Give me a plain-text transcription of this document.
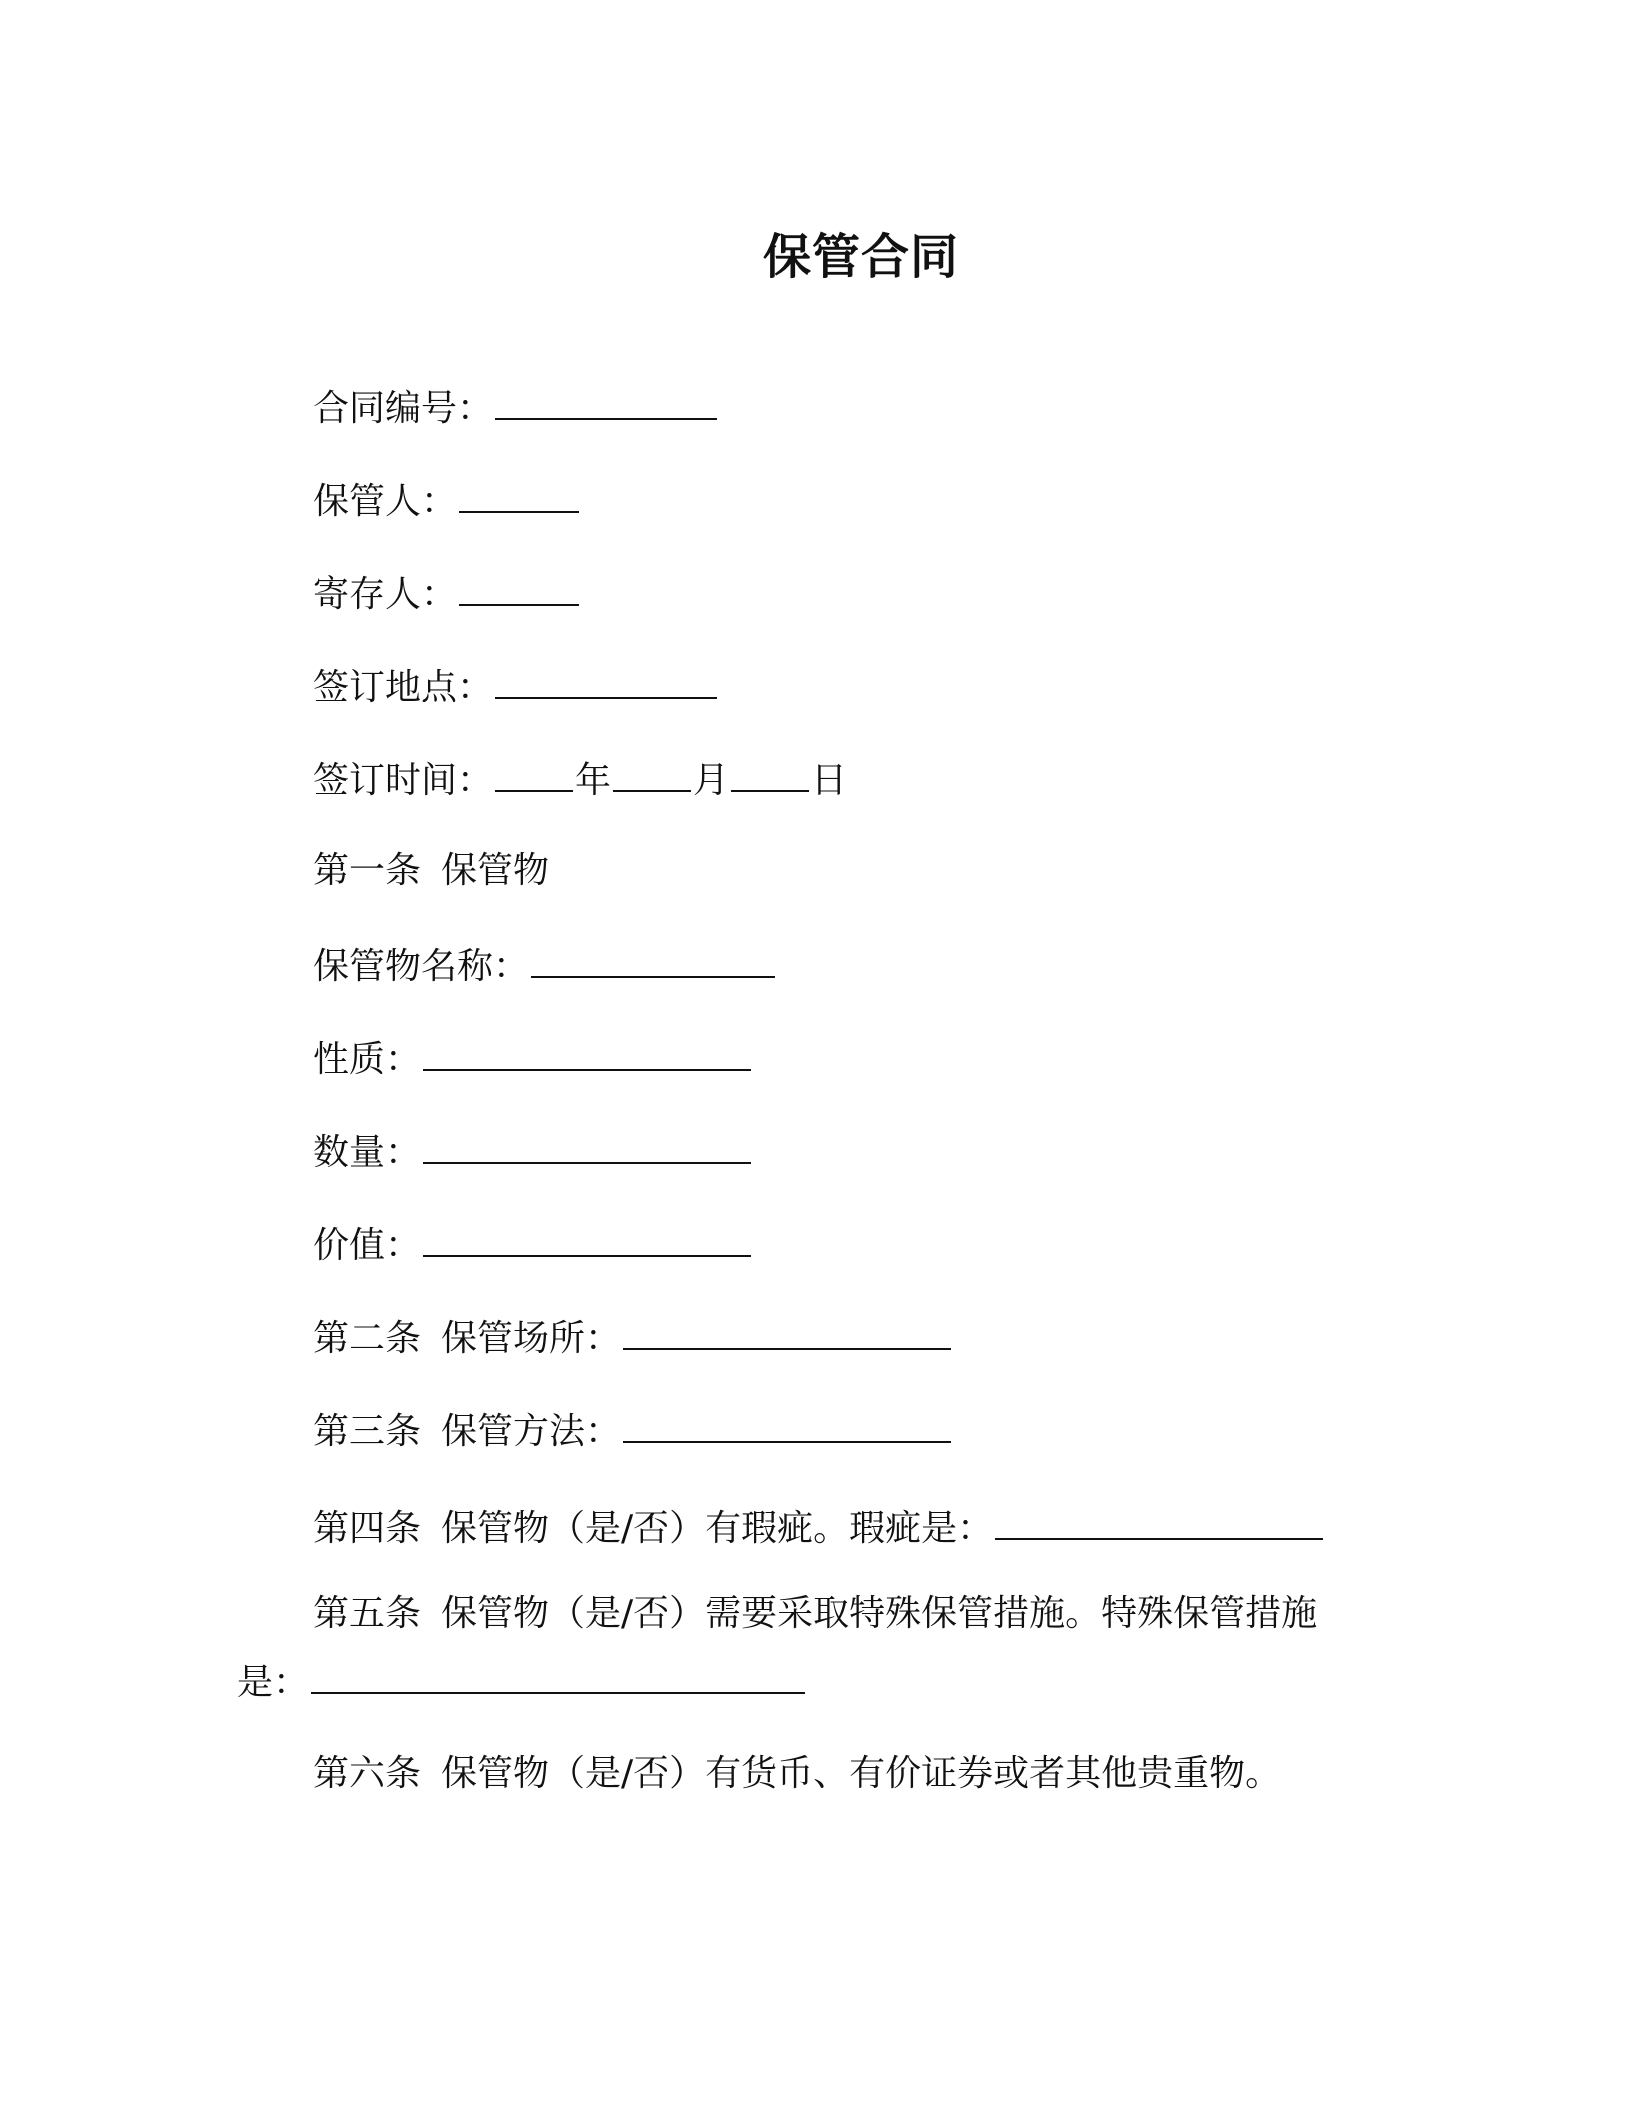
保管合同
合同编号：
保管人：
寄存人：
签订地点：
签订时间： 年 月 日
第一条 保管物
保管物名称：
性质：
数量：
价值：
第二条 保管场所：
第三条 保管方法：
第四条 保管物（是/否）有瑕疵。瑕疵是：
第五条 保管物（是/否）需要采取特殊保管措施。特殊保管措施
是：
第六条 保管物（是/否）有货币、有价证券或者其他贵重物。
